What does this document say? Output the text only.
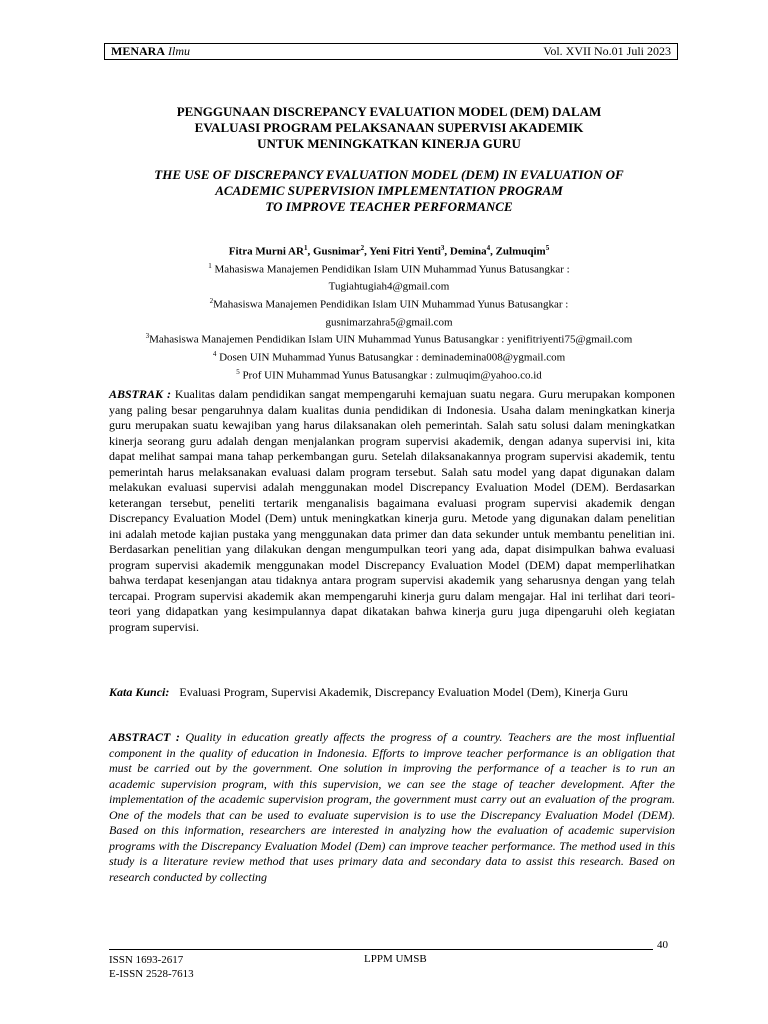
MENARA Ilmu	Vol. XVII No.01 Juli 2023
PENGGUNAAN DISCREPANCY EVALUATION MODEL (DEM) DALAM
EVALUASI PROGRAM PELAKSANAAN SUPERVISI AKADEMIK
UNTUK MENINGKATKAN KINERJA GURU
THE USE OF DISCREPANCY EVALUATION MODEL (DEM) IN EVALUATION OF
ACADEMIC SUPERVISION IMPLEMENTATION PROGRAM
TO IMPROVE TEACHER PERFORMANCE
Fitra Murni $AR^1$, Gusnimar$^2$, Yeni Fitri Yenti$^3$, Demina$^4$, Zulmuqim$^5$
$^1$ Mahasiswa Manajemen Pendidikan Islam UIN Muhammad Yunus Batusangkar :
Tugiahtugiah4@gmail.com
$^2$Mahasiswa Manajemen Pendidikan Islam UIN Muhammad Yunus Batusangkar :
gusnimarzahra5@gmail.com
$^3$Mahasiswa Manajemen Pendidikan Islam UIN Muhammad Yunus Batusangkar : yenifitriyenti75@gmail.com
$^4$ Dosen UIN Muhammad Yunus Batusangkar : deminademina008@ygmail.com
$^5$ Prof UIN Muhammad Yunus Batusangkar : zulmuqim@yahoo.co.id
ABSTRAK : Kualitas dalam pendidikan sangat mempengaruhi kemajuan suatu negara. Guru merupakan komponen yang paling besar pengaruhnya dalam kualitas dunia pendidikan di Indonesia. Usaha dalam meningkatkan kinerja guru merupakan suatu kewajiban yang harus dilaksanakan oleh pemerintah. Salah satu solusi dalam meningkatkan kinerja seorang guru adalah dengan menjalankan program supervisi akademik, dengan adanya supervisi ini, kita dapat melihat sampai mana tahap perkembangan guru. Setelah dilaksanakannya program supervisi akademik, tentu pemerintah harus melaksanakan evaluasi dalam program tersebut. Salah satu model yang dapat digunakan dalam melakukan evaluasi supervisi adalah menggunakan model Discrepancy Evaluation Model (DEM). Berdasarkan keterangan tersebut, peneliti tertarik menganalisis bagaimana evaluasi program supervisi akademik dengan Discrepancy Evaluation Model (Dem) untuk meningkatkan kinerja guru. Metode yang digunakan dalam penelitian ini adalah metode kajian pustaka yang menggunakan data primer dan data sekunder untuk membantu penelitian ini. Berdasarkan penelitian yang dilakukan dengan mengumpulkan teori yang ada, dapat disimpulkan bahwa evaluasi program supervisi akademik menggunakan model Discrepancy Evaluation Model (DEM) dapat memperlihatkan bahwa terdapat kesenjangan atau tidaknya antara program supervisi akademik yang seharusnya dengan yang telah tercapai. Program supervisi akademik akan mempengaruhi kinerja guru dalam mengajar. Hal ini terlihat dari teori- teori yang didapatkan yang kesimpulannya dapat dikatakan bahwa kinerja guru juga dipengaruhi oleh kegiatan program supervisi.
Kata Kunci: Evaluasi Program, Supervisi Akademik, Discrepancy Evaluation Model (Dem), Kinerja Guru
ABSTRACT : Quality in education greatly affects the progress of a country. Teachers are the most influential component in the quality of education in Indonesia. Efforts to improve teacher performance is an obligation that must be carried out by the government. One solution in improving the performance of a teacher is to run an academic supervision program, with this supervision, we can see the stage of teacher development. After the implementation of the academic supervision program, the government must carry out an evaluation of the program. One of the models that can be used to evaluate supervision is to use the Discrepancy Evaluation Model (DEM). Based on this information, researchers are interested in analyzing how the evaluation of academic supervision programs with the Discrepancy Evaluation Model (Dem) can improve teacher performance. The method used in this study is a literature review method that uses primary data and secondary data to assist this research. Based on research conducted by collecting
40
ISSN 1693-2617
E-ISSN 2528-7613
LPPM UMSB
